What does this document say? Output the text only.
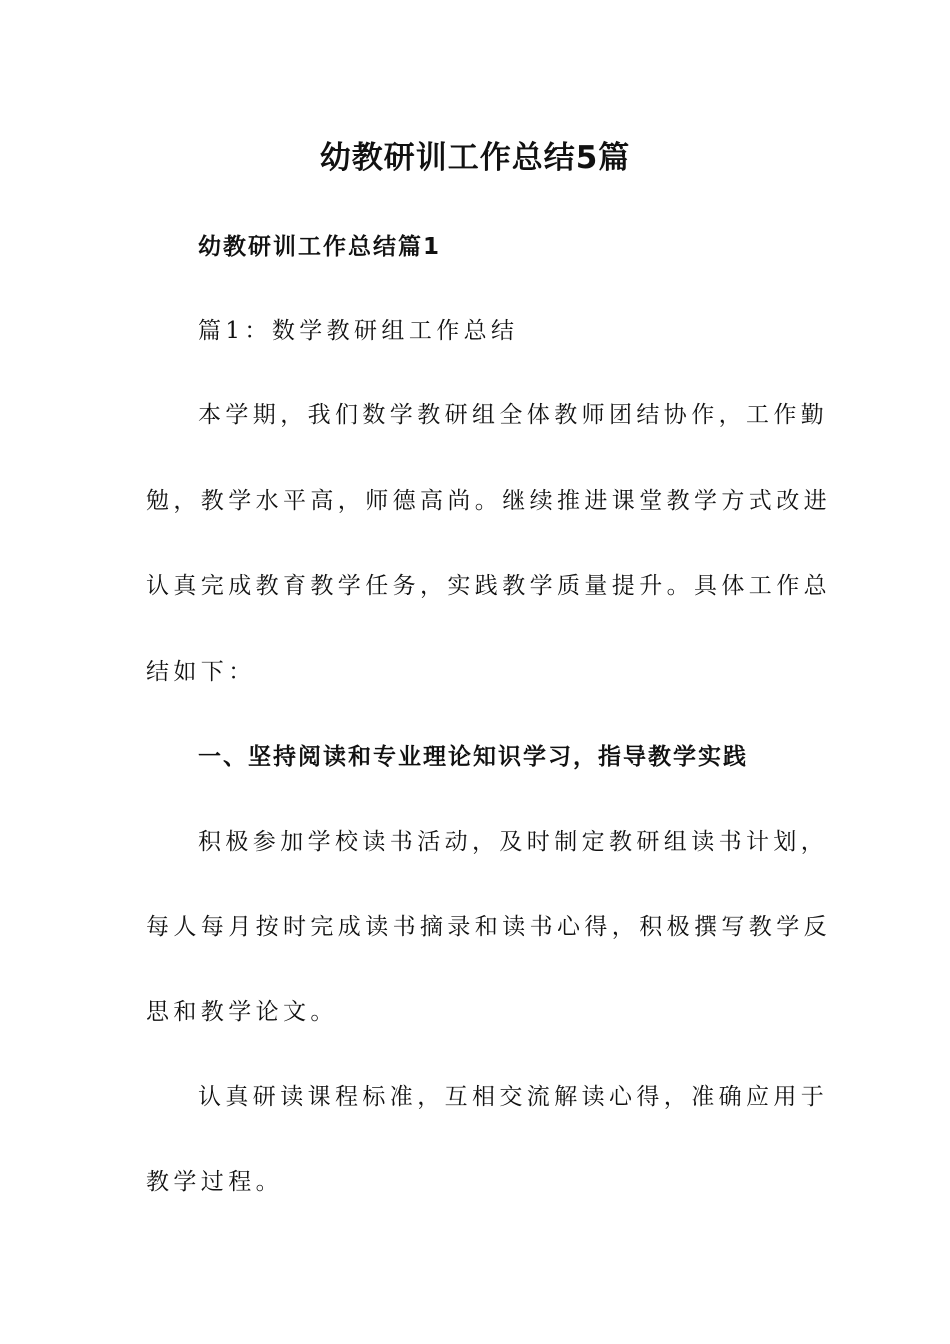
幼教研训工作总结5篇
幼教研训工作总结篇1
篇1：数学教研组工作总结
本学期，我们数学教研组全体教师团结协作，工作勤
勉，教学水平高，师德高尚。继续推进课堂教学方式改进
认真完成教育教学任务，实践教学质量提升。具体工作总
结如下：
一、坚持阅读和专业理论知识学习，指导教学实践
积极参加学校读书活动，及时制定教研组读书计划，
每人每月按时完成读书摘录和读书心得，积极撰写教学反
思和教学论文。
认真研读课程标准，互相交流解读心得，准确应用于
教学过程。
